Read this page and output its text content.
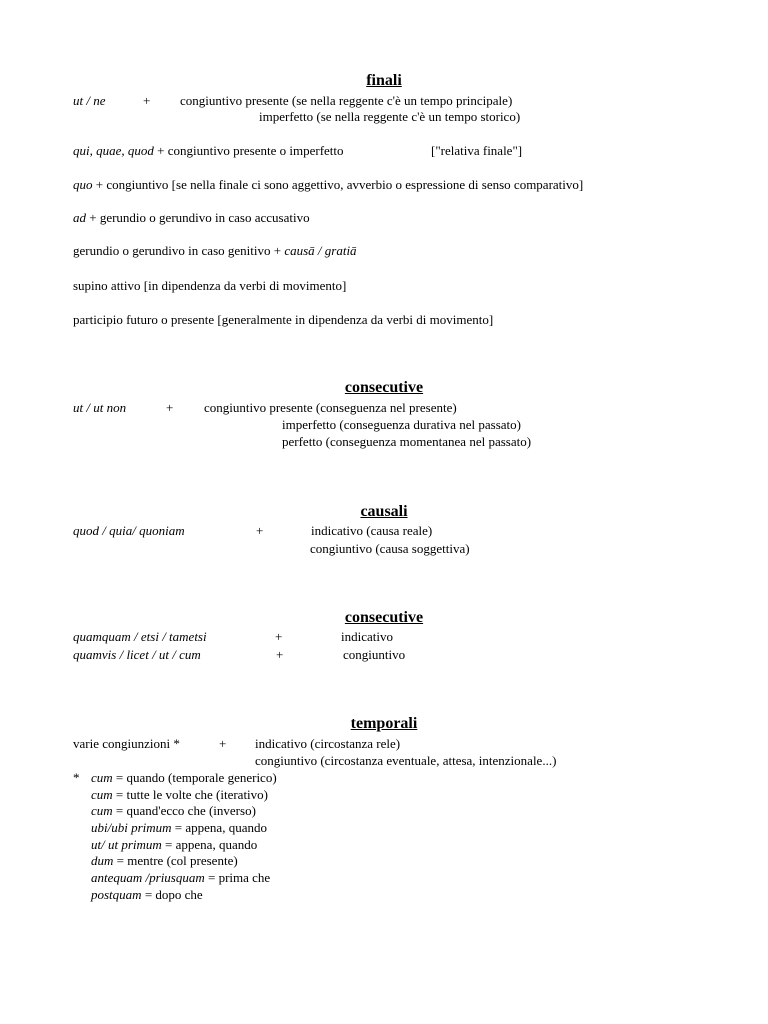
finali
ut / ne	+ congiuntivo presente (se nella reggente c'è un tempo principale)
imperfetto (se nella reggente c'è un tempo storico)
qui, quae, quod + congiuntivo presente o imperfetto	["relativa finale"]
quo + congiuntivo [se nella finale ci sono aggettivo, avverbio o espressione di senso comparativo]
ad + gerundio o gerundivo in caso accusativo
gerundio o gerundivo in caso genitivo + causā / gratiā
supino attivo [in dipendenza da verbi di movimento]
participio futuro o presente [generalmente in dipendenza da verbi di movimento]
consecutive
ut / ut non	+ congiuntivo presente (conseguenza nel presente)
imperfetto (conseguenza durativa nel passato)
perfetto (conseguenza momentanea nel passato)
causali
quod / quia/ quoniam	+	indicativo (causa reale)
congiuntivo (causa soggettiva)
consecutive
quamquam / etsi / tametsi	+	indicativo
quamvis / licet / ut / cum	+	congiuntivo
temporali
varie congiunzioni *	+ indicativo (circostanza rele)
congiuntivo (circostanza eventuale, attesa, intenzionale...)
* cum = quando (temporale generico)
cum = tutte le volte che (iterativo)
cum = quand'ecco che (inverso)
ubi/ubi primum = appena, quando
ut/ ut primum = appena, quando
dum = mentre (col presente)
antequam /priusquam = prima che
postquam = dopo che
